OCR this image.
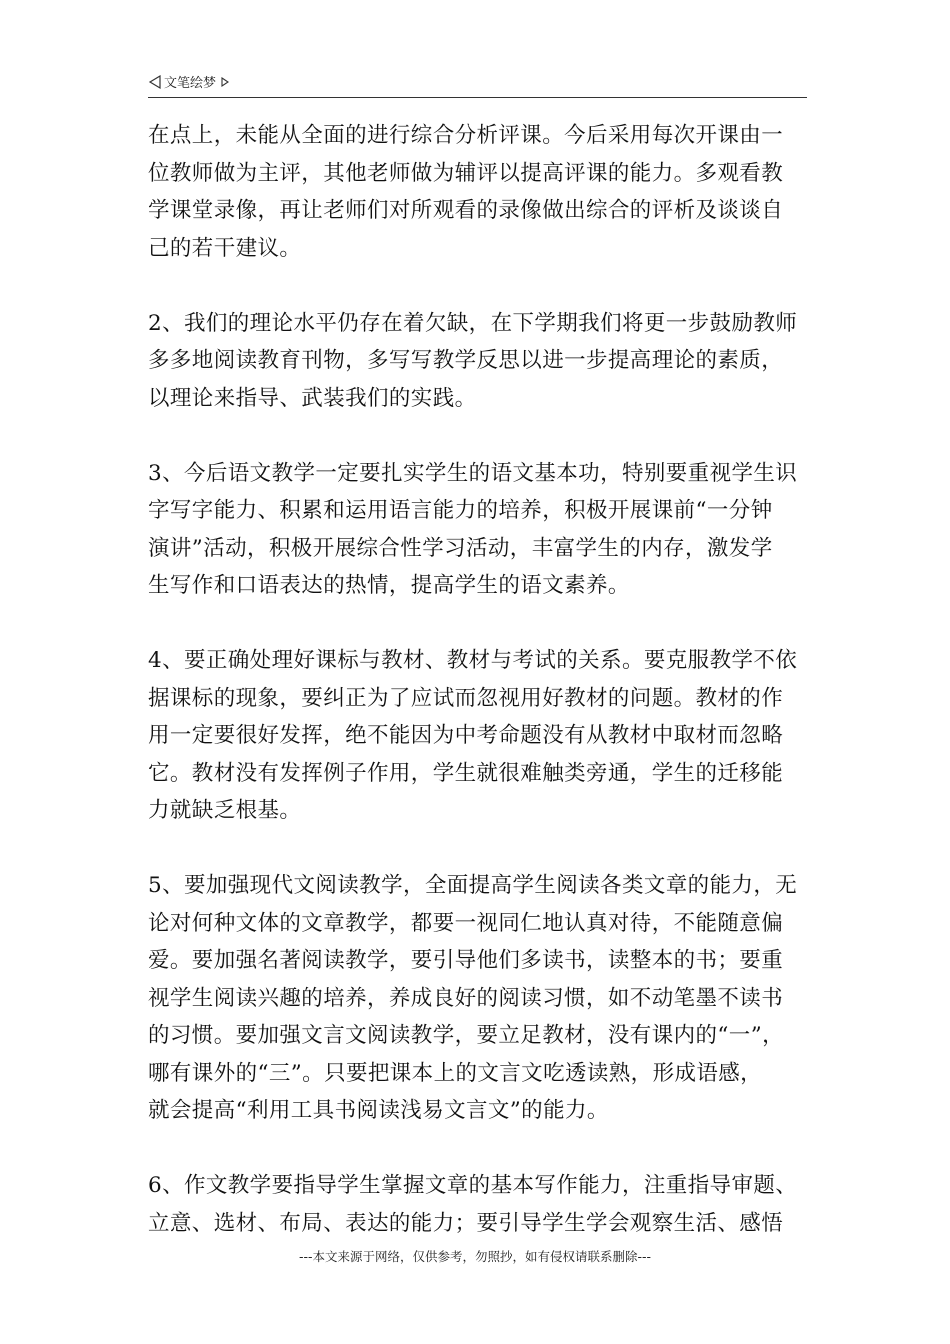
文笔绘梦
在点上，未能从全面的进行综合分析评课。今后采用每次开课由一
位教师做为主评，其他老师做为辅评以提高评课的能力。多观看教
学课堂录像，再让老师们对所观看的录像做出综合的评析及谈谈自
己的若干建议。
2、我们的理论水平仍存在着欠缺，在下学期我们将更一步鼓励教师
多多地阅读教育刊物，多写写教学反思以进一步提高理论的素质，
以理论来指导、武装我们的实践。
3、今后语文教学一定要扎实学生的语文基本功，特别要重视学生识
字写字能力、积累和运用语言能力的培养，积极开展课前“一分钟
演讲”活动，积极开展综合性学习活动，丰富学生的内存，激发学
生写作和口语表达的热情，提高学生的语文素养。
4、要正确处理好课标与教材、教材与考试的关系。要克服教学不依
据课标的现象，要纠正为了应试而忽视用好教材的问题。教材的作
用一定要很好发挥，绝不能因为中考命题没有从教材中取材而忽略
它。教材没有发挥例子作用，学生就很难触类旁通，学生的迁移能
力就缺乏根基。
5、要加强现代文阅读教学，全面提高学生阅读各类文章的能力，无
论对何种文体的文章教学，都要一视同仁地认真对待，不能随意偏
爱。要加强名著阅读教学，要引导他们多读书，读整本的书；要重
视学生阅读兴趣的培养，养成良好的阅读习惯，如不动笔墨不读书
的习惯。要加强文言文阅读教学，要立足教材，没有课内的“一”，
哪有课外的“三”。只要把课本上的文言文吃透读熟，形成语感，
就会提高“利用工具书阅读浅易文言文”的能力。
6、作文教学要指导学生掌握文章的基本写作能力，注重指导审题、
立意、选材、布局、表达的能力；要引导学生学会观察生活、感悟
---本文来源于网络，仅供参考，勿照抄，如有侵权请联系删除---
